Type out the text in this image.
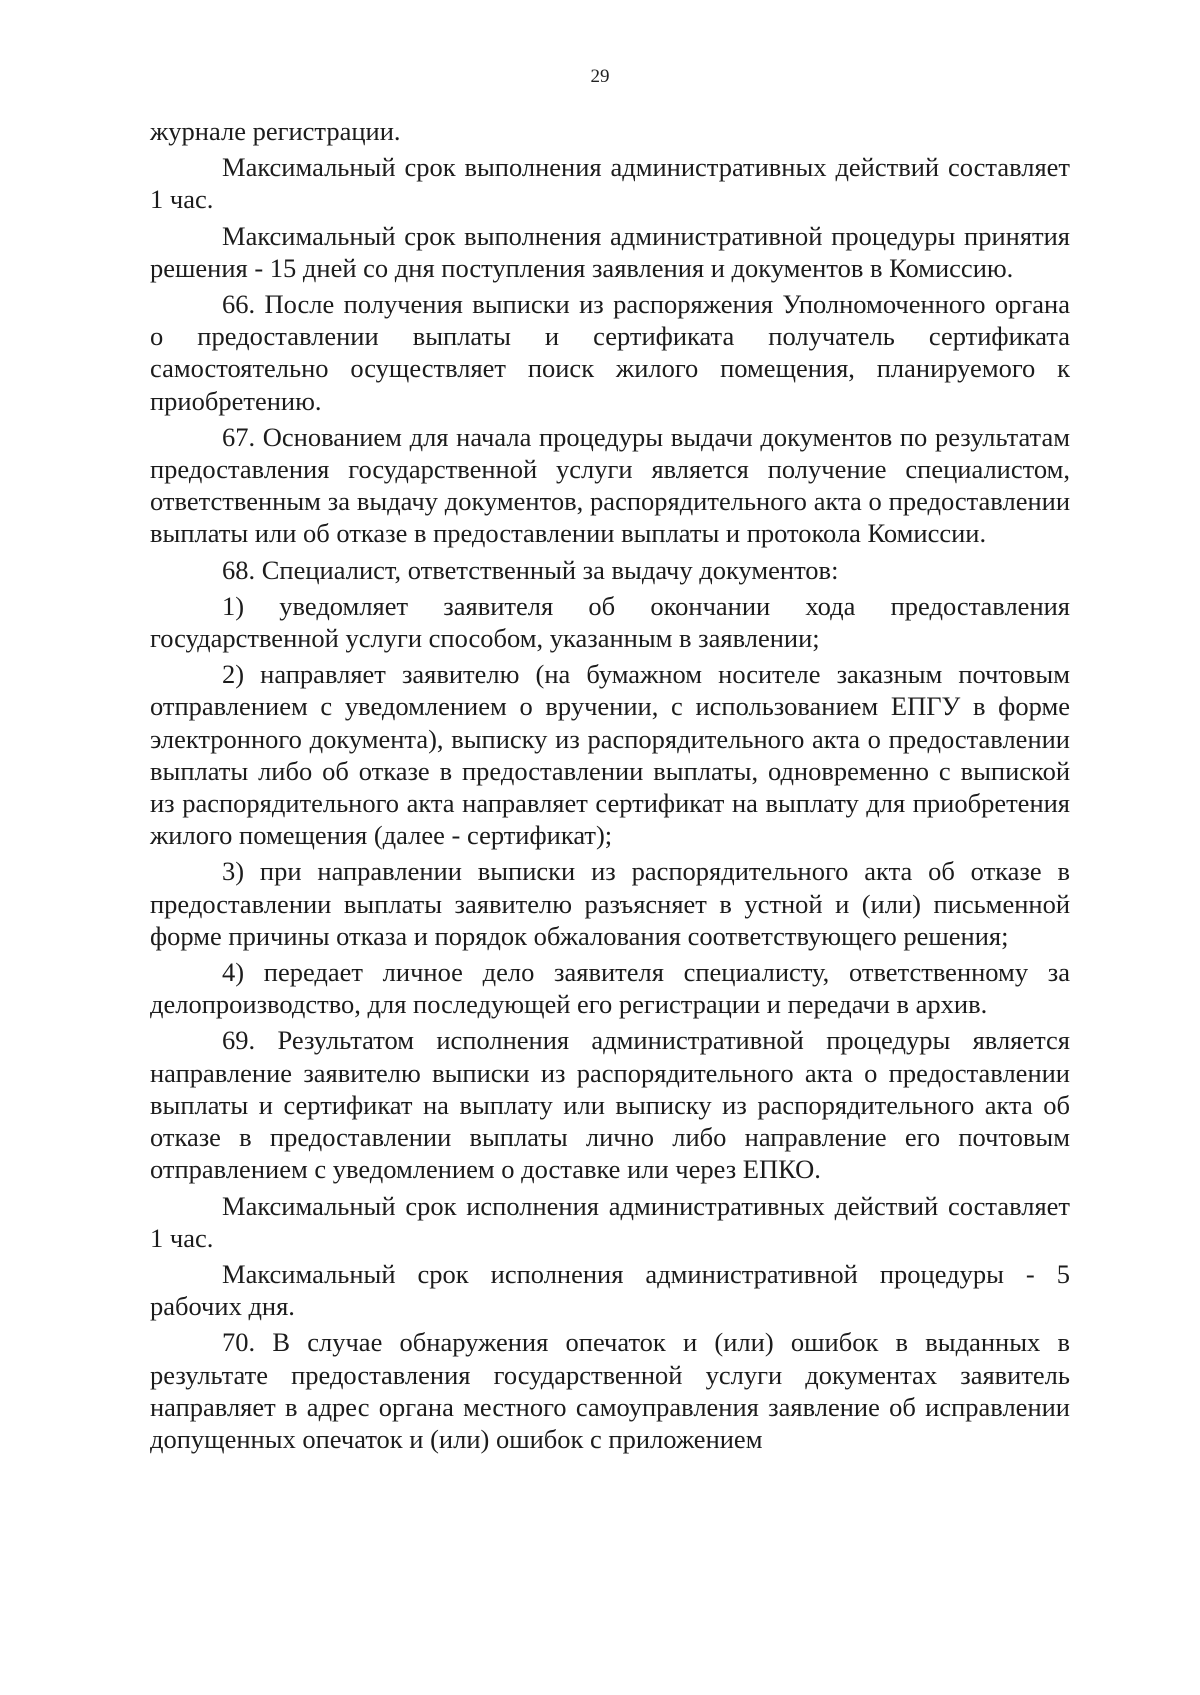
29

журнале регистрации.

Максимальный срок выполнения административных действий составляет 1 час.

Максимальный срок выполнения административной процедуры принятия решения - 15 дней со дня поступления заявления и документов в Комиссию.

66. После получения выписки из распоряжения Уполномоченного органа о предоставлении выплаты и сертификата получатель сертификата самостоятельно осуществляет поиск жилого помещения, планируемого к приобретению.

67. Основанием для начала процедуры выдачи документов по результатам предоставления государственной услуги является получение специалистом, ответственным за выдачу документов, распорядительного акта о предоставлении выплаты или об отказе в предоставлении выплаты и протокола Комиссии.

68. Специалист, ответственный за выдачу документов:

1) уведомляет заявителя об окончании хода предоставления государственной услуги способом, указанным в заявлении;

2) направляет заявителю (на бумажном носителе заказным почтовым отправлением с уведомлением о вручении, с использованием ЕПГУ в форме электронного документа), выписку из распорядительного акта о предоставлении выплаты либо об отказе в предоставлении выплаты, одновременно с выпиской из распорядительного акта направляет сертификат на выплату для приобретения жилого помещения (далее - сертификат);

3) при направлении выписки из распорядительного акта об отказе в предоставлении выплаты заявителю разъясняет в устной и (или) письменной форме причины отказа и порядок обжалования соответствующего решения;

4) передает личное дело заявителя специалисту, ответственному за делопроизводство, для последующей его регистрации и передачи в архив.

69. Результатом исполнения административной процедуры является направление заявителю выписки из распорядительного акта о предоставлении выплаты и сертификат на выплату или выписку из распорядительного акта об отказе в предоставлении выплаты лично либо направление его почтовым отправлением с уведомлением о доставке или через ЕПКО.

Максимальный срок исполнения административных действий составляет 1 час.

Максимальный срок исполнения административной процедуры - 5 рабочих дня.

70. В случае обнаружения опечаток и (или) ошибок в выданных в результате предоставления государственной услуги документах заявитель направляет в адрес органа местного самоуправления заявление об исправлении допущенных опечаток и (или) ошибок с приложением
